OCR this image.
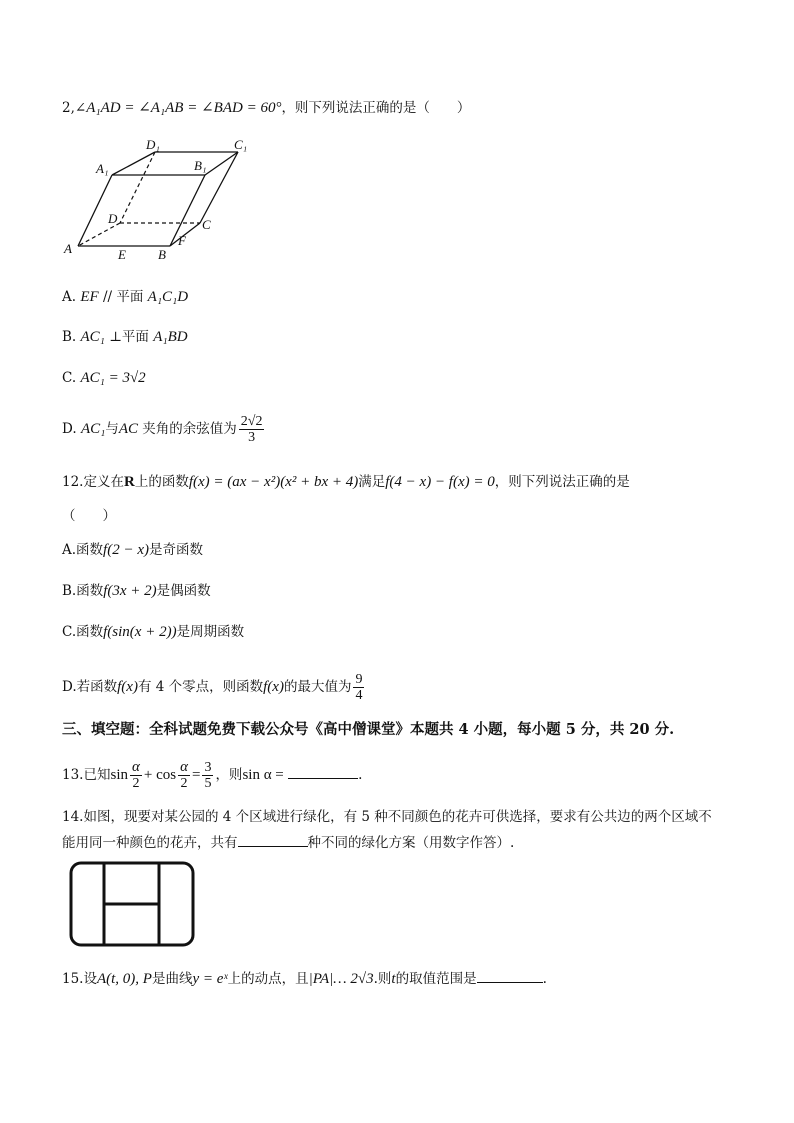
2,∠A₁AD = ∠A₁AB = ∠BAD = 60°，则下列说法正确的是（　　）
D₁	C₁
A₁	B₁
D	C
A	B
E
F
A. EF // 平面 A₁C₁D
B. AC₁ ⊥平面 A₁BD
C. AC₁ = 3√2
D. AC₁与AC 夹角的余弦值为 $\frac{2√2}{3}$
12.定义在R上的函数f(x) = (ax − x²)(x² + bx + 4)满足f(4 − x) − f(x) = 0，则下列说法正确的是
（　　）
A.函数f(2 − x)是奇函数
B.函数f(3x + 2)是偶函数
C.函数f(sin(x + 2))是周期函数
D.若函数f(x)有 4 个零点，则函数f(x)的最大值为 $\frac{9}{4}$
三、填空题：全科试题免费下载公众号《高中僧课堂》本题共 4 小题，每小题 5 分，共 20 分.
13.已知$\sin \frac{\alpha}{2} + \cos \frac{\alpha}{2} = \frac{3}{5}$ ，则sin α =	.
14.如图，现要对某公园的 4 个区域进行绿化，有 5 种不同颜色的花卉可供选择，要求有公共边的两个区域不
能用同一种颜色的花卉，共有	种不同的绿化方案（用数字作答）.
15.设A(t, 0), P是曲线y = eˣ上的动点，且|PA|… 2√3.则t的取值范围是	.
